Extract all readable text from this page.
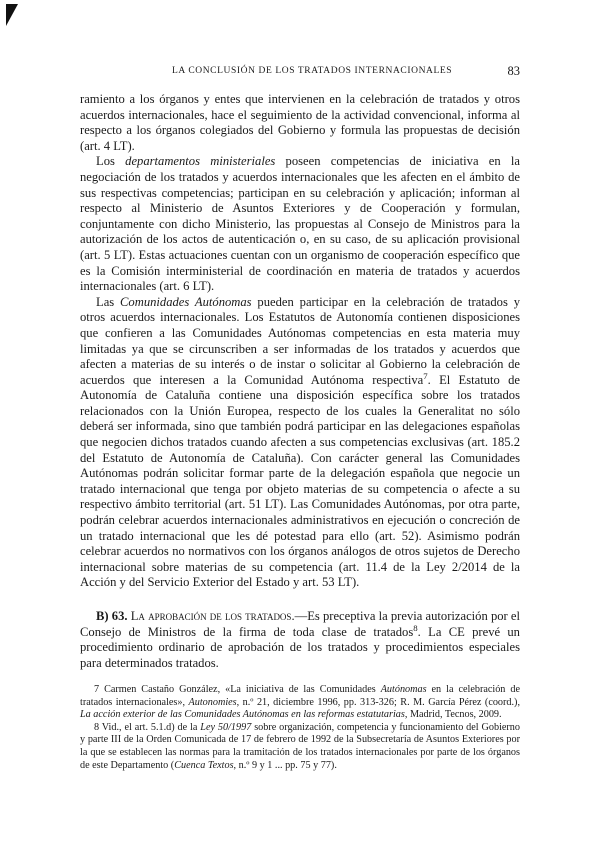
LA CONCLUSIÓN DE LOS TRATADOS INTERNACIONALES	83

ramiento a los órganos y entes que intervienen en la celebración de tratados y otros acuerdos internacionales, hace el seguimiento de la actividad convencional, informa al respecto a los órganos colegiados del Gobierno y formula las propuestas de decisión (art. 4 LT).

Los departamentos ministeriales poseen competencias de iniciativa en la negociación de los tratados y acuerdos internacionales que les afecten en el ámbito de sus respectivas competencias; participan en su celebración y aplicación; informan al respecto al Ministerio de Asuntos Exteriores y de Cooperación y formulan, conjuntamente con dicho Ministerio, las propuestas al Consejo de Ministros para la autorización de los actos de autenticación o, en su caso, de su aplicación provisional (art. 5 LT). Estas actuaciones cuentan con un organismo de cooperación específico que es la Comisión interministerial de coordinación en materia de tratados y acuerdos internacionales (art. 6 LT).

Las Comunidades Autónomas pueden participar en la celebración de tratados y otros acuerdos internacionales. Los Estatutos de Autonomía contienen disposiciones que confieren a las Comunidades Autónomas competencias en esta materia muy limitadas ya que se circunscriben a ser informadas de los tratados y acuerdos que afecten a materias de su interés o de instar o solicitar al Gobierno la celebración de acuerdos que interesen a la Comunidad Autónoma respectiva$^7$. El Estatuto de Autonomía de Cataluña contiene una disposición específica sobre los tratados relacionados con la Unión Europea, respecto de los cuales la Generalitat no sólo deberá ser informada, sino que también podrá participar en las delegaciones españolas que negocien dichos tratados cuando afecten a sus competencias exclusivas (art. 185.2 del Estatuto de Autonomía de Cataluña). Con carácter general las Comunidades Autónomas podrán solicitar formar parte de la delegación española que negocie un tratado internacional que tenga por objeto materias de su competencia o afecte a su respectivo ámbito territorial (art. 51 LT). Las Comunidades Autónomas, por otra parte, podrán celebrar acuerdos internacionales administrativos en ejecución o concreción de un tratado internacional que les dé potestad para ello (art. 52). Asimismo podrán celebrar acuerdos no normativos con los órganos análogos de otros sujetos de Derecho internacional sobre materias de su competencia (art. 11.4 de la Ley 2/2014 de la Acción y del Servicio Exterior del Estado y art. 53 LT).

B) 63. La aprobación de los tratados.—Es preceptiva la previa autorización por el Consejo de Ministros de la firma de toda clase de tratados$^8$. La CE prevé un procedimiento ordinario de aprobación de los tratados y procedimientos especiales para determinados tratados.

7 Carmen Castaño González, «La iniciativa de las Comunidades Autónomas en la celebración de tratados internacionales», Autonomies, n.º 21, diciembre 1996, pp. 313-326; R. M. García Pérez (coord.), La acción exterior de las Comunidades Autónomas en las reformas estatutarias, Madrid, Tecnos, 2009.

8 Vid., el art. 5.1.d) de la Ley 50/1997 sobre organización, competencia y funcionamiento del Gobierno y parte III de la Orden Comunicada de 17 de febrero de 1992 de la Subsecretaría de Asuntos Exteriores por la que se establecen las normas para la tramitación de los tratados internacionales por parte de los órganos de este Departamento (Cuenca Textos, n.º 9 y 1 ... pp. 75 y 77).
